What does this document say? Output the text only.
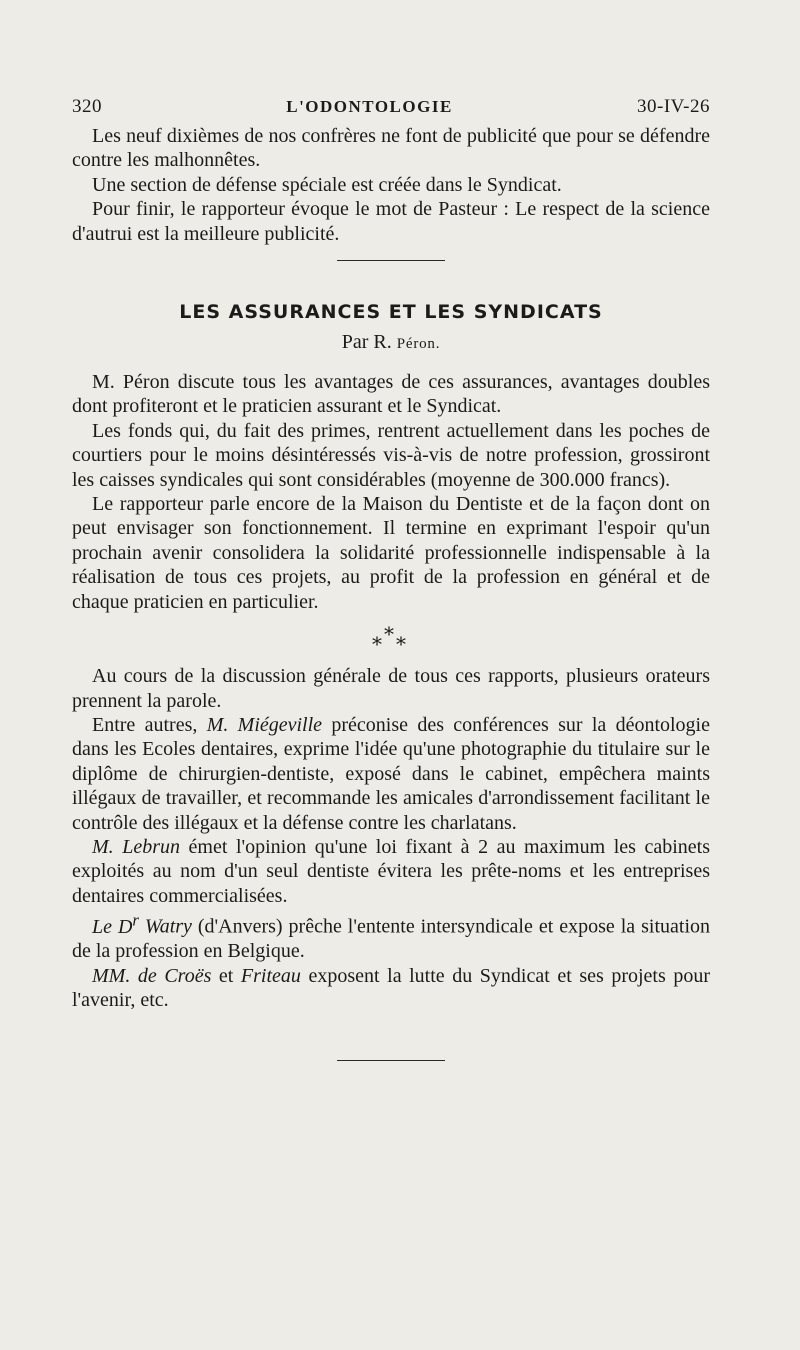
320	L'ODONTOLOGIE	30-IV-26

Les neuf dixièmes de nos confrères ne font de publicité que pour se défendre contre les malhonnêtes.

Une section de défense spéciale est créée dans le Syndicat.

Pour finir, le rapporteur évoque le mot de Pasteur : Le respect de la science d'autrui est la meilleure publicité.

LES ASSURANCES ET LES SYNDICATS
Par R. Péron.

M. Péron discute tous les avantages de ces assurances, avantages doubles dont profiteront et le praticien assurant et le Syndicat.

Les fonds qui, du fait des primes, rentrent actuellement dans les poches de courtiers pour le moins désintéressés vis-à-vis de notre profession, grossiront les caisses syndicales qui sont considérables (moyenne de 300.000 francs).

Le rapporteur parle encore de la Maison du Dentiste et de la façon dont on peut envisager son fonctionnement. Il termine en exprimant l'espoir qu'un prochain avenir consolidera la solidarité professionnelle indispensable à la réalisation de tous ces projets, au profit de la profession en général et de chaque praticien en particulier.

*
* *

Au cours de la discussion générale de tous ces rapports, plusieurs orateurs prennent la parole.

Entre autres, M. Miégeville préconise des conférences sur la déontologie dans les Ecoles dentaires, exprime l'idée qu'une photographie du titulaire sur le diplôme de chirurgien-dentiste, exposé dans le cabinet, empêchera maints illégaux de travailler, et recommande les amicales d'arrondissement facilitant le contrôle des illégaux et la défense contre les charlatans.

M. Lebrun émet l'opinion qu'une loi fixant à 2 au maximum les cabinets exploités au nom d'un seul dentiste évitera les prête-noms et les entreprises dentaires commercialisées.

Le $D^r$ Watry (d'Anvers) prêche l'entente intersyndicale et expose la situation de la profession en Belgique.

MM. de Croës et Friteau exposent la lutte du Syndicat et ses projets pour l'avenir, etc.
